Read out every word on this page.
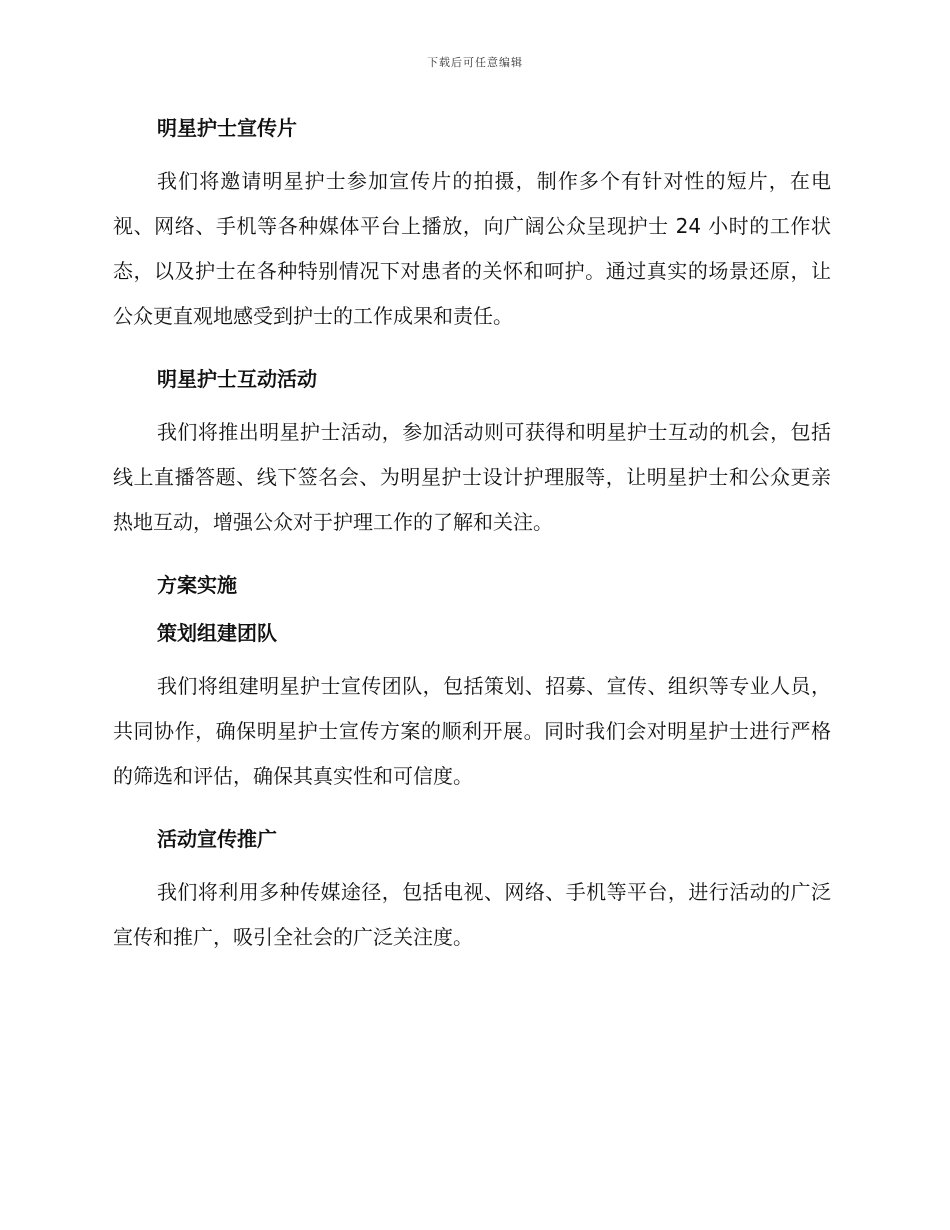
下载后可任意编辑
明星护士宣传片

我们将邀请明星护士参加宣传片的拍摄，制作多个有针对性的短片，在电视、网络、手机等各种媒体平台上播放，向广阔公众呈现护士 24 小时的工作状态，以及护士在各种特别情况下对患者的关怀和呵护。通过真实的场景还原，让公众更直观地感受到护士的工作成果和责任。

明星护士互动活动

我们将推出明星护士活动，参加活动则可获得和明星护士互动的机会，包括线上直播答题、线下签名会、为明星护士设计护理服等，让明星护士和公众更亲热地互动，增强公众对于护理工作的了解和关注。

方案实施
策划组建团队

我们将组建明星护士宣传团队，包括策划、招募、宣传、组织等专业人员，共同协作，确保明星护士宣传方案的顺利开展。同时我们会对明星护士进行严格的筛选和评估，确保其真实性和可信度。

活动宣传推广

我们将利用多种传媒途径，包括电视、网络、手机等平台，进行活动的广泛宣传和推广，吸引全社会的广泛关注度。
